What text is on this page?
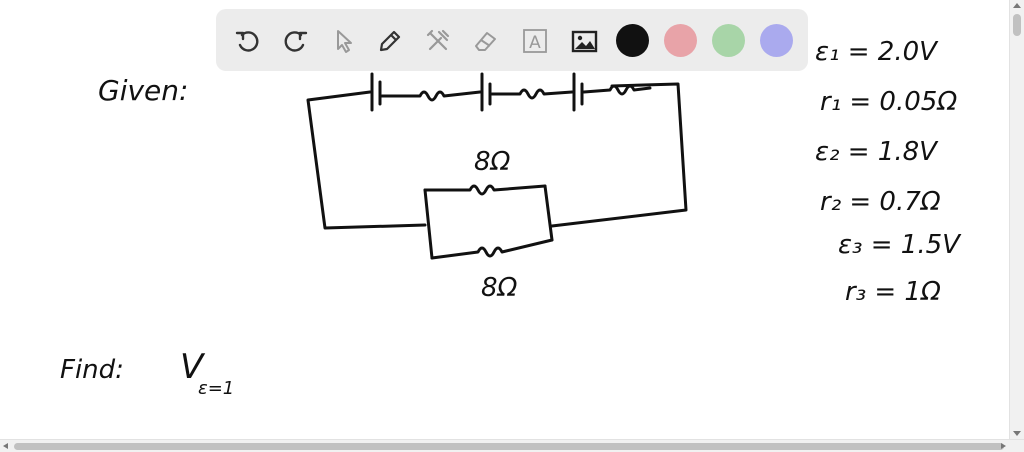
Given:
8Ω
8Ω
Find: V
ε=1
ε₁ = 2.0V
r₁ = 0.05Ω
ε₂ = 1.8V
r₂ = 0.7Ω
ε₃ = 1.5V
r₃ = 1Ω
A
